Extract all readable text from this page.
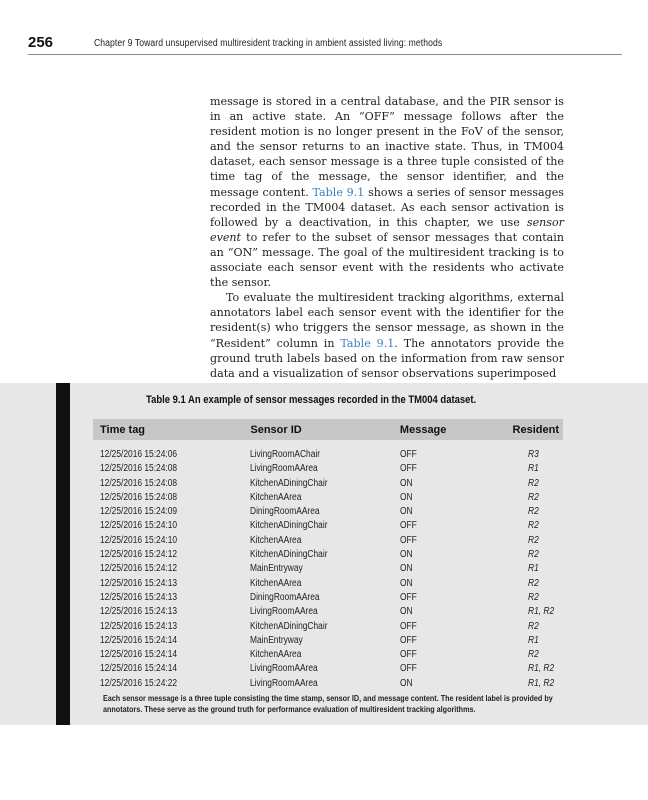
256	Chapter 9 Toward unsupervised multiresident tracking in ambient assisted living: methods

message is stored in a central database, and the PIR sensor is in an active state. An “OFF” message follows after the resident motion is no longer present in the FoV of the sensor, and the sensor returns to an inactive state. Thus, in TM004 dataset, each sensor message is a three tuple consisted of the time tag of the message, the sensor identifier, and the message content. Table 9.1 shows a series of sensor messages recorded in the TM004 dataset. As each sensor activation is followed by a deactivation, in this chapter, we use sensor event to refer to the subset of sensor messages that contain an “ON” message. The goal of the multiresident tracking is to associate each sensor event with the residents who activate the sensor.

To evaluate the multiresident tracking algorithms, external annotators label each sensor event with the identifier for the resident(s) who triggers the sensor message, as shown in the “Resident” column in Table 9.1. The annotators provide the ground truth labels based on the information from raw sensor data and a visualization of sensor observations superimposed

Table 9.1 An example of sensor messages recorded in the TM004 dataset.
Time tag	Sensor ID	Message	Resident
12/25/2016 15:24:06	LivingRoomAChair	OFF	R3
12/25/2016 15:24:08	LivingRoomAArea	OFF	R1
12/25/2016 15:24:08	KitchenADiningChair	ON	R2
12/25/2016 15:24:08	KitchenAArea	ON	R2
12/25/2016 15:24:09	DiningRoomAArea	ON	R2
12/25/2016 15:24:10	KitchenADiningChair	OFF	R2
12/25/2016 15:24:10	KitchenAArea	OFF	R2
12/25/2016 15:24:12	KitchenADiningChair	ON	R2
12/25/2016 15:24:12	MainEntryway	ON	R1
12/25/2016 15:24:13	KitchenAArea	ON	R2
12/25/2016 15:24:13	DiningRoomAArea	OFF	R2
12/25/2016 15:24:13	LivingRoomAArea	ON	R1, R2
12/25/2016 15:24:13	KitchenADiningChair	OFF	R2
12/25/2016 15:24:14	MainEntryway	OFF	R1
12/25/2016 15:24:14	KitchenAArea	OFF	R2
12/25/2016 15:24:14	LivingRoomAArea	OFF	R1, R2
12/25/2016 15:24:22	LivingRoomAArea	ON	R1, R2
Each sensor message is a three tuple consisting the time stamp, sensor ID, and message content. The resident label is provided by annotators. These serve as the ground truth for performance evaluation of multiresident tracking algorithms.
